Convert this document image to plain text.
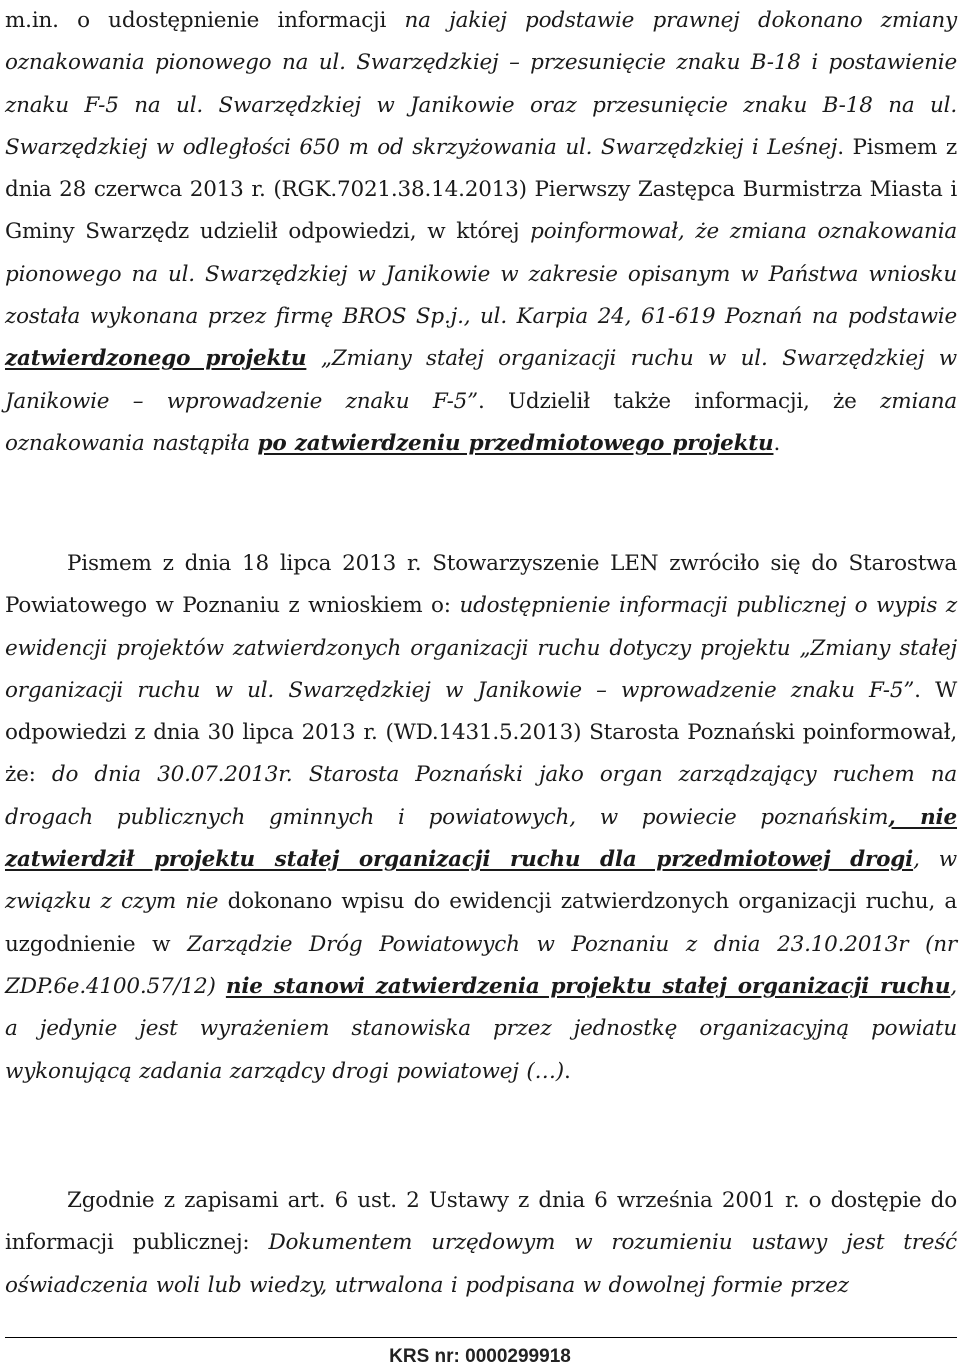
m.in. o udostępnienie informacji na jakiej podstawie prawnej dokonano zmiany oznakowania pionowego na ul. Swarzędzkiej – przesunięcie znaku B-18 i postawienie znaku F-5 na ul. Swarzędzkiej w Janikowie oraz przesunięcie znaku B-18 na ul. Swarzędzkiej w odległości 650 m od skrzyżowania ul. Swarzędzkiej i Leśnej. Pismem z dnia 28 czerwca 2013 r. (RGK.7021.38.14.2013) Pierwszy Zastępca Burmistrza Miasta i Gminy Swarzędz udzielił odpowiedzi, w której poinformował, że zmiana oznakowania pionowego na ul. Swarzędzkiej w Janikowie w zakresie opisanym w Państwa wniosku została wykonana przez firmę BROS Sp.j., ul. Karpia 24, 61-619 Poznań na podstawie zatwierdzonego projektu „Zmiany stałej organizacji ruchu w ul. Swarzędzkiej w Janikowie – wprowadzenie znaku F-5”. Udzielił także informacji, że zmiana oznakowania nastąpiła po zatwierdzeniu przedmiotowego projektu.
Pismem z dnia 18 lipca 2013 r. Stowarzyszenie LEN zwróciło się do Starostwa Powiatowego w Poznaniu z wnioskiem o: udostępnienie informacji publicznej o wypis z ewidencji projektów zatwierdzonych organizacji ruchu dotyczy projektu „Zmiany stałej organizacji ruchu w ul. Swarzędzkiej w Janikowie – wprowadzenie znaku F-5”. W odpowiedzi z dnia 30 lipca 2013 r. (WD.1431.5.2013) Starosta Poznański poinformował, że: do dnia 30.07.2013r. Starosta Poznański jako organ zarządzający ruchem na drogach publicznych gminnych i powiatowych, w powiecie poznańskim, nie zatwierdził projektu stałej organizacji ruchu dla przedmiotowej drogi, w związku z czym nie dokonano wpisu do ewidencji zatwierdzonych organizacji ruchu, a uzgodnienie w Zarządzie Dróg Powiatowych w Poznaniu z dnia 23.10.2013r (nr ZDP.6e.4100.57/12) nie stanowi zatwierdzenia projektu stałej organizacji ruchu, a jedynie jest wyrażeniem stanowiska przez jednostkę organizacyjną powiatu wykonującą zadania zarządcy drogi powiatowej (…).
Zgodnie z zapisami art. 6 ust. 2 Ustawy z dnia 6 września 2001 r. o dostępie do informacji publicznej: Dokumentem urzędowym w rozumieniu ustawy jest treść oświadczenia woli lub wiedzy, utrwalona i podpisana w dowolnej formie przez
KRS nr: 0000299918
